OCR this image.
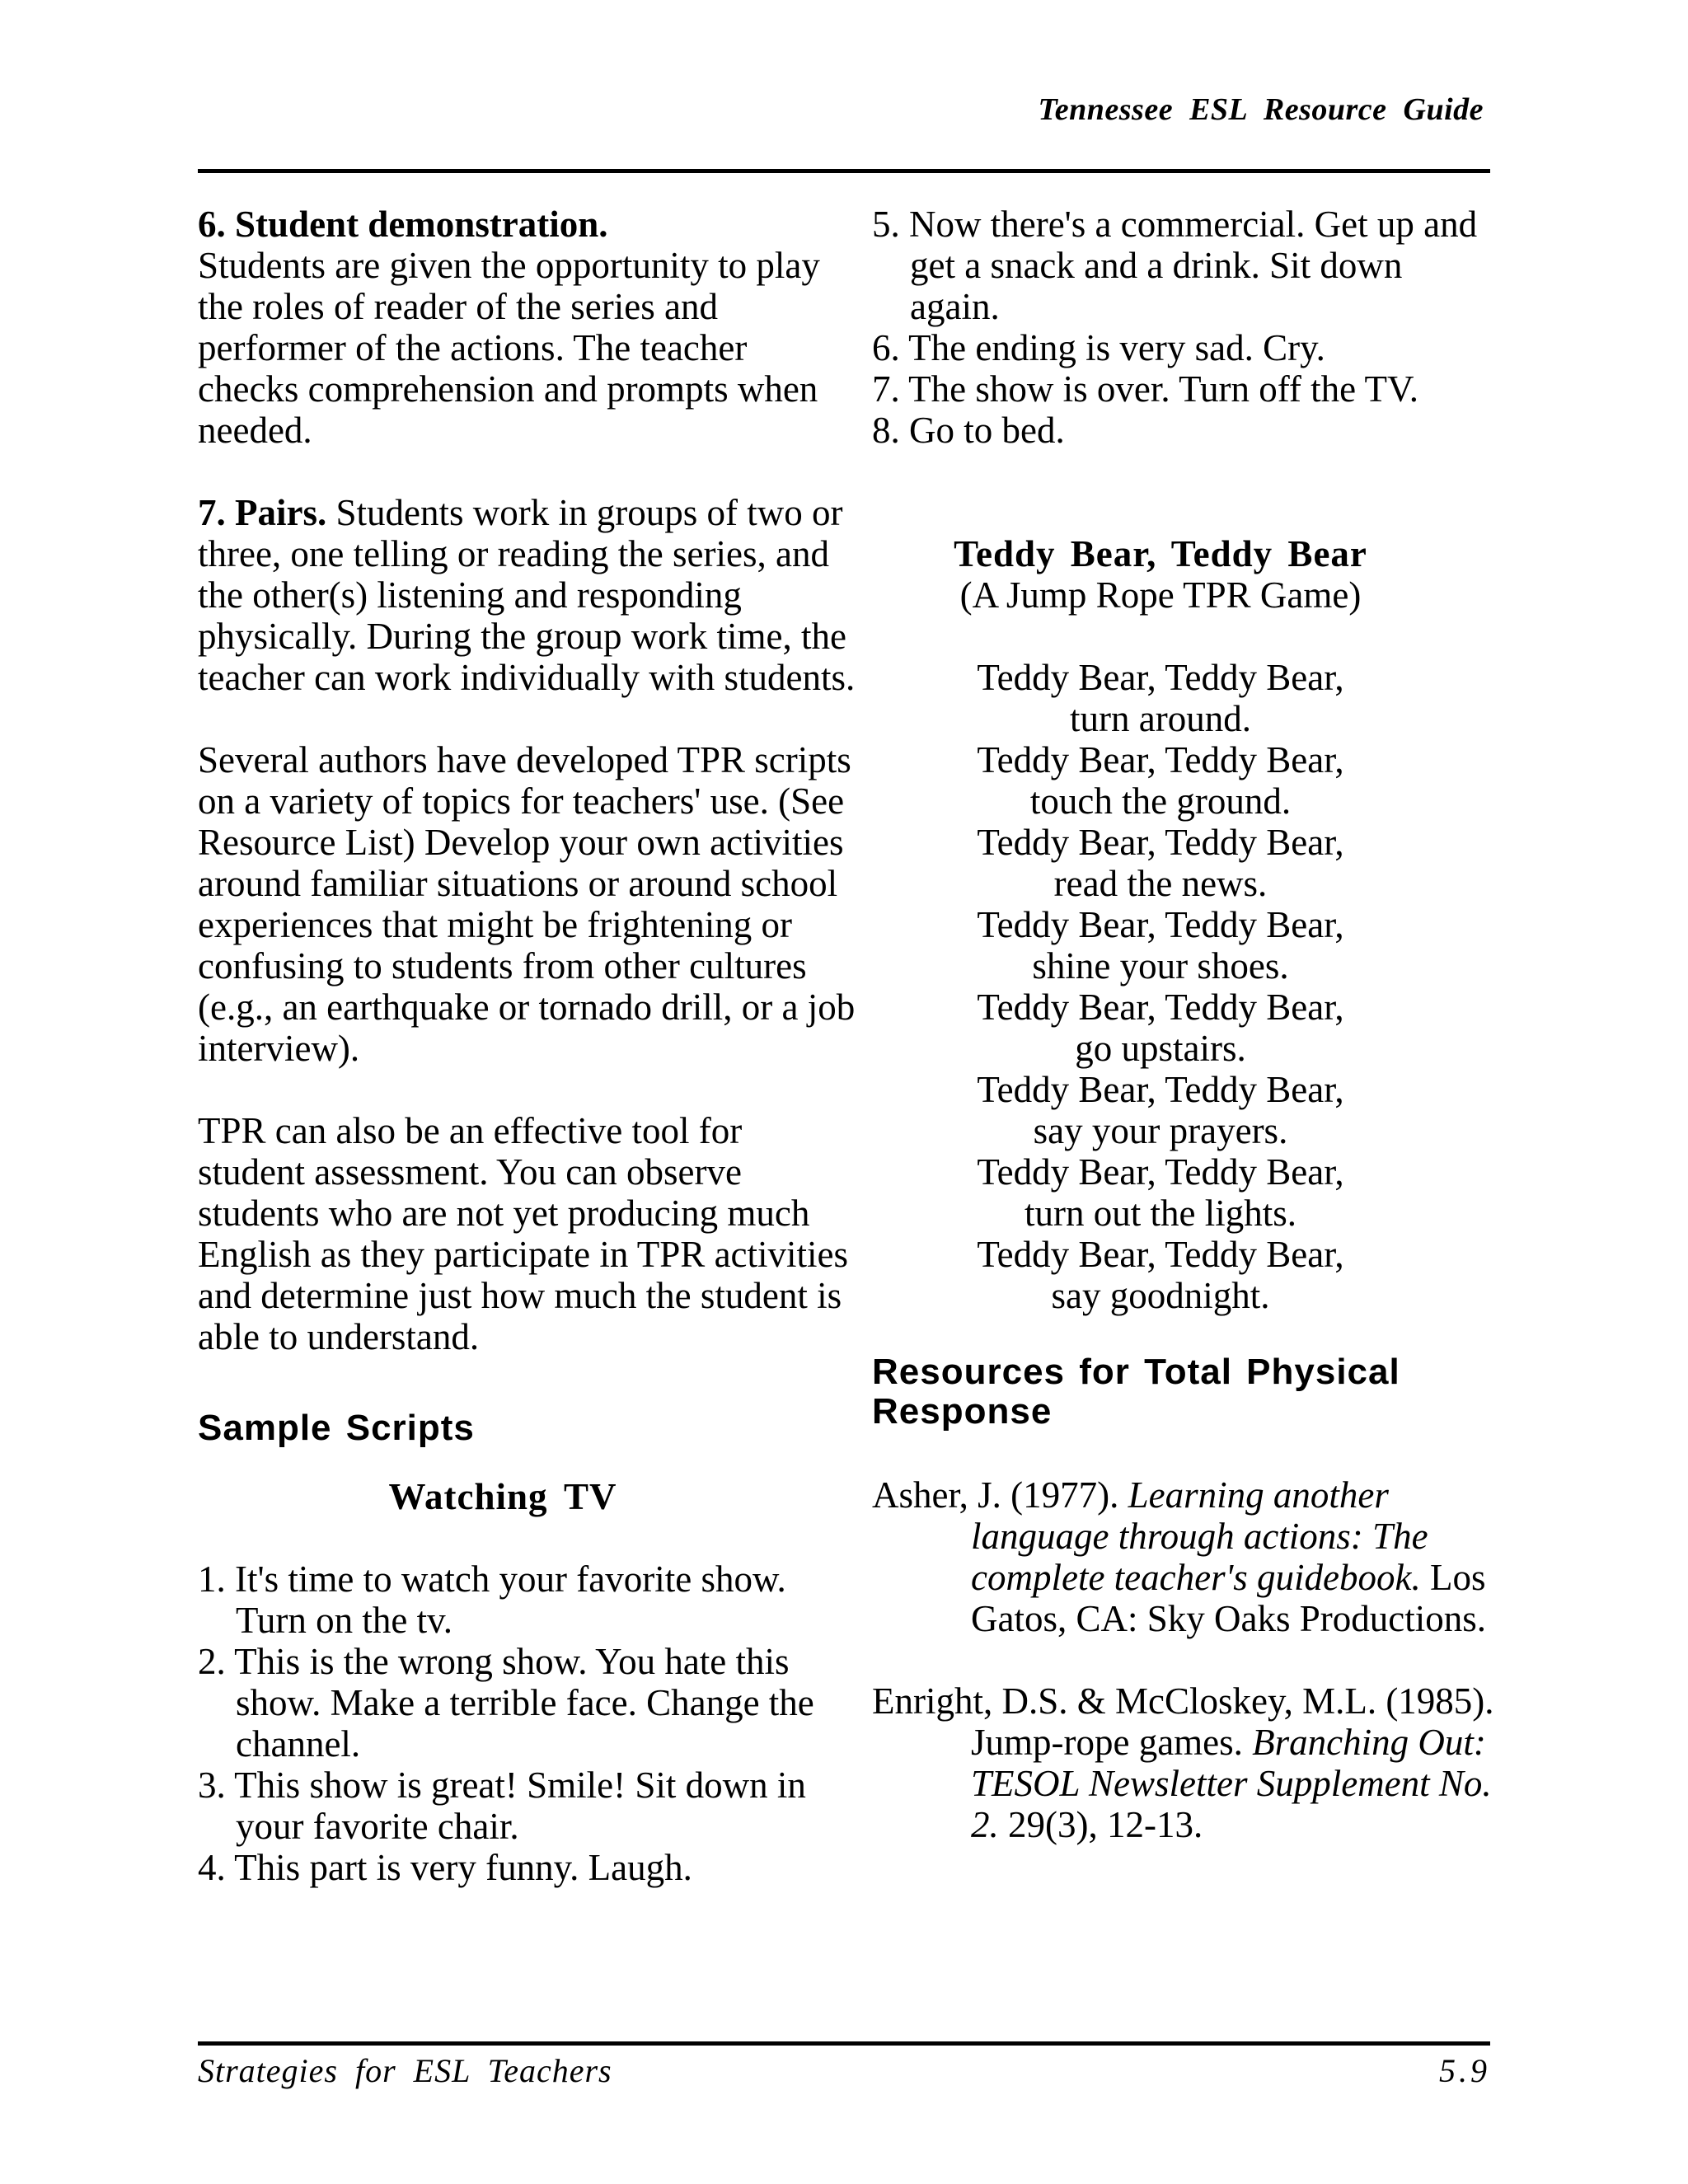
Tennessee ESL Resource Guide

6. Student demonstration.
Students are given the opportunity to play the roles of reader of the series and performer of the actions. The teacher checks comprehension and prompts when needed.

7. Pairs. Students work in groups of two or three, one telling or reading the series, and the other(s) listening and responding physically. During the group work time, the teacher can work individually with students.

Several authors have developed TPR scripts on a variety of topics for teachers' use. (See Resource List) Develop your own activities around familiar situations or around school experiences that might be frightening or confusing to students from other cultures (e.g., an earthquake or tornado drill, or a job interview).

TPR can also be an effective tool for student assessment. You can observe students who are not yet producing much English as they participate in TPR activities and determine just how much the student is able to understand.

Sample Scripts
Watching TV
1. It's time to watch your favorite show. Turn on the tv.
2. This is the wrong show. You hate this show. Make a terrible face. Change the channel.
3. This show is great! Smile! Sit down in your favorite chair.
4. This part is very funny. Laugh.
5. Now there's a commercial. Get up and get a snack and a drink. Sit down again.
6. The ending is very sad. Cry.
7. The show is over. Turn off the TV.
8. Go to bed.
Teddy Bear, Teddy Bear
(A Jump Rope TPR Game)
Teddy Bear, Teddy Bear,
turn around.
Teddy Bear, Teddy Bear,
touch the ground.
Teddy Bear, Teddy Bear,
read the news.
Teddy Bear, Teddy Bear,
shine your shoes.
Teddy Bear, Teddy Bear,
go upstairs.
Teddy Bear, Teddy Bear,
say your prayers.
Teddy Bear, Teddy Bear,
turn out the lights.
Teddy Bear, Teddy Bear,
say goodnight.
Resources for Total Physical Response

Asher, J. (1977). Learning another language through actions: The complete teacher's guidebook. Los Gatos, CA: Sky Oaks Productions.

Enright, D.S. & McCloskey, M.L. (1985). Jump-rope games. Branching Out: TESOL Newsletter Supplement No. 2. 29(3), 12-13.

Strategies for ESL Teachers	5.9
